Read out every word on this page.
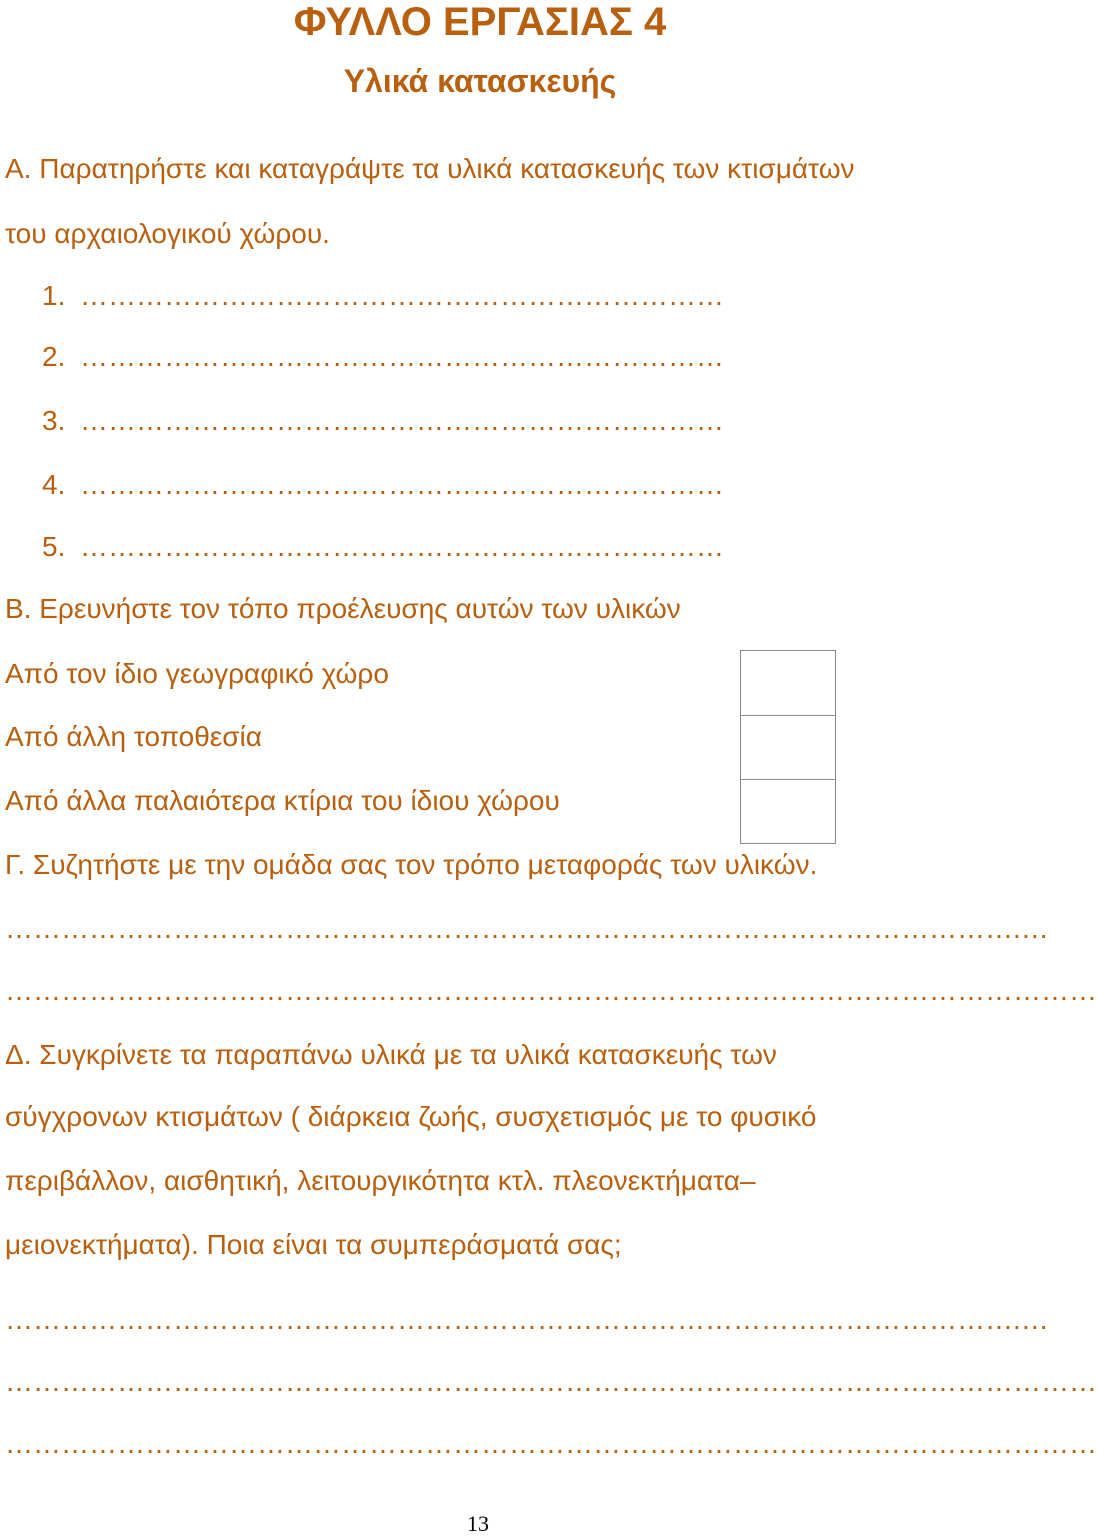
ΦΥΛΛΟ ΕΡΓΑΣΙΑΣ 4
Υλικά κατασκευής
Α. Παρατηρήστε και καταγράψτε τα υλικά κατασκευής των κτισμάτων
του αρχαιολογικού χώρου.
1. ……………………………………………………………
2. ……………………………………………………………
3. ……………………………………………………………
4. ……………………………………………………………
5. ……………………………………………………………
Β. Ερευνήστε τον τόπο προέλευσης αυτών των υλικών
Από τον ίδιο γεωγραφικό χώρο
Από άλλη τοποθεσία
Από άλλα παλαιότερα κτίρια του ίδιου χώρου
Γ. Συζητήστε με την ομάδα σας τον τρόπο μεταφοράς των υλικών.
……………………………………………………………………………………………….…
………………………………………………………………………………………………………
Δ. Συγκρίνετε τα παραπάνω υλικά με τα υλικά κατασκευής των
σύγχρονων κτισμάτων ( διάρκεια ζωής, συσχετισμός με το φυσικό
περιβάλλον, αισθητική, λειτουργικότητα κτλ. πλεονεκτήματα–
μειονεκτήματα). Ποια είναι τα συμπεράσματά σας;
……………………………………………………………………………………………….…
………………………………………………………………………………………………………
………………………………………………………………………………………………………
13
